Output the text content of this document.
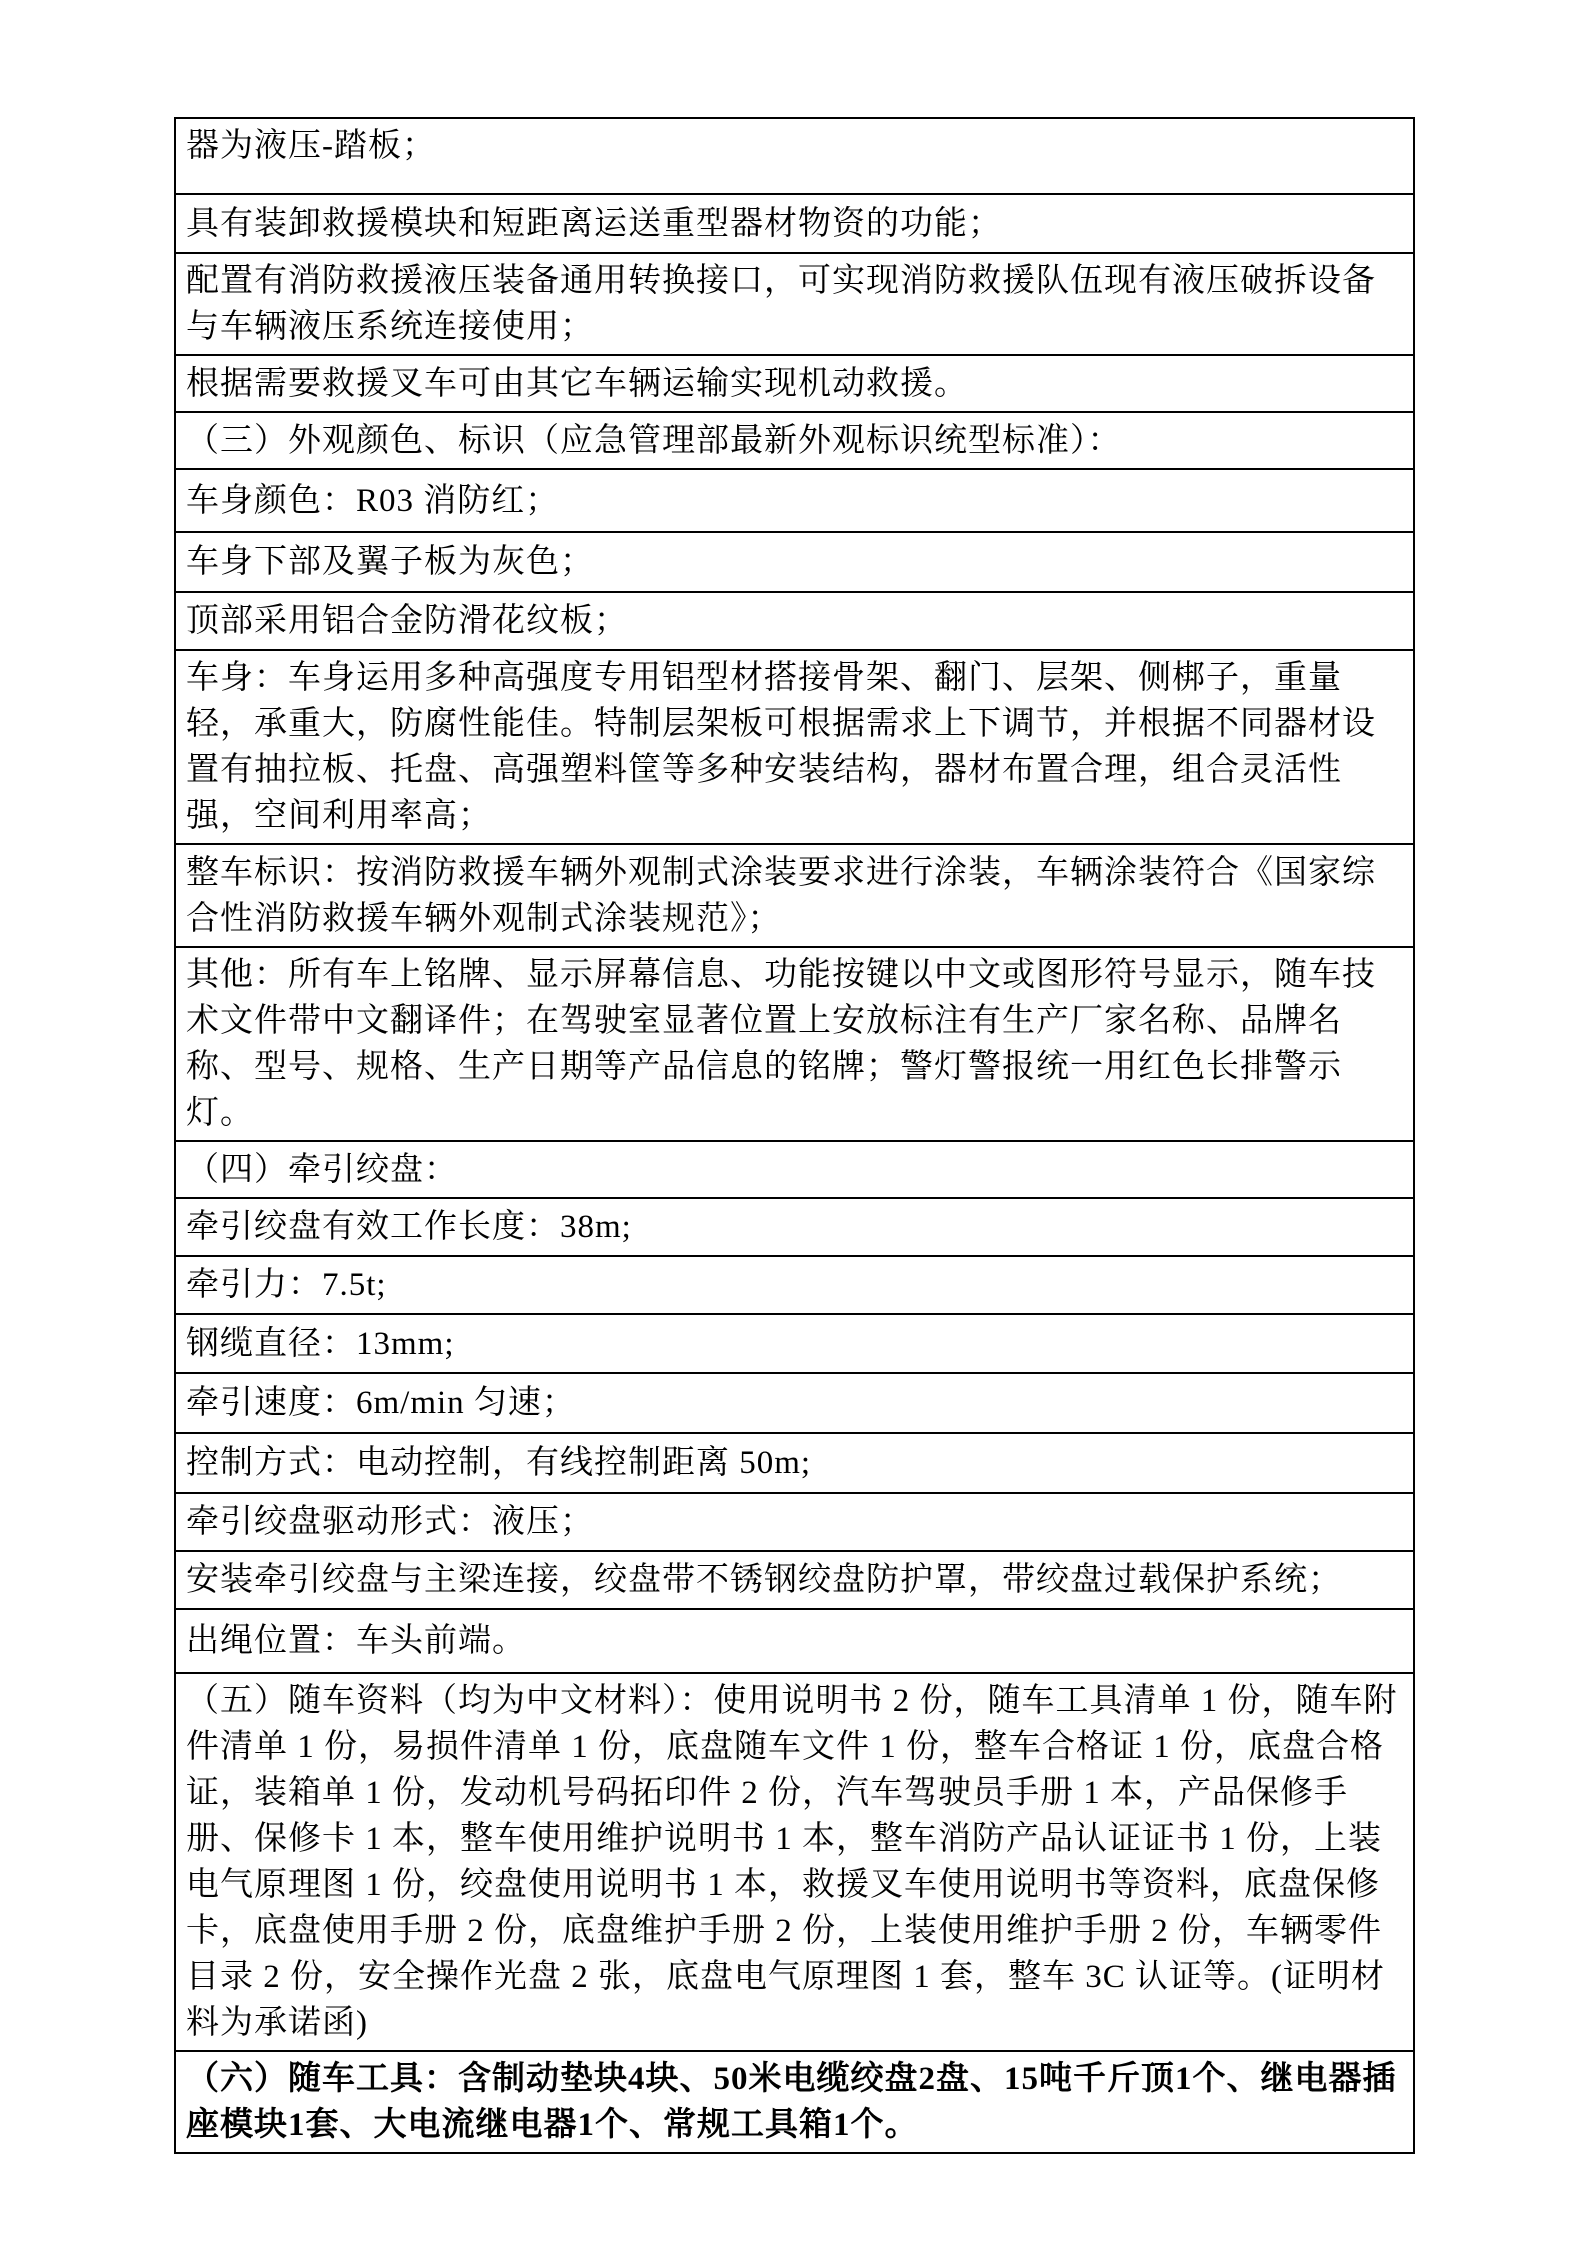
器为液压-踏板；
具有装卸救援模块和短距离运送重型器材物资的功能；
配置有消防救援液压装备通用转换接口，可实现消防救援队伍现有液压破拆设备与车辆液压系统连接使用；
根据需要救援叉车可由其它车辆运输实现机动救援。
（三）外观颜色、标识（应急管理部最新外观标识统型标准）：
车身颜色：R03 消防红；
车身下部及翼子板为灰色；
顶部采用铝合金防滑花纹板；
车身：车身运用多种高强度专用铝型材搭接骨架、翻门、层架、侧梆子，重量轻，承重大，防腐性能佳。特制层架板可根据需求上下调节，并根据不同器材设置有抽拉板、托盘、高强塑料筐等多种安装结构，器材布置合理，组合灵活性强，空间利用率高；
整车标识：按消防救援车辆外观制式涂装要求进行涂装，车辆涂装符合《国家综合性消防救援车辆外观制式涂装规范》；
其他：所有车上铭牌、显示屏幕信息、功能按键以中文或图形符号显示，随车技术文件带中文翻译件；在驾驶室显著位置上安放标注有生产厂家名称、品牌名称、型号、规格、生产日期等产品信息的铭牌；警灯警报统一用红色长排警示灯。
（四）牵引绞盘：
牵引绞盘有效工作长度：38m;
牵引力：7.5t;
钢缆直径：13mm;
牵引速度：6m/min 匀速；
控制方式：电动控制，有线控制距离 50m;
牵引绞盘驱动形式：液压；
安装牵引绞盘与主梁连接，绞盘带不锈钢绞盘防护罩，带绞盘过载保护系统；
出绳位置：车头前端。
（五）随车资料（均为中文材料）：使用说明书 2 份，随车工具清单 1 份，随车附件清单 1 份，易损件清单 1 份，底盘随车文件 1 份，整车合格证 1 份，底盘合格证，装箱单 1 份，发动机号码拓印件 2 份，汽车驾驶员手册 1 本，产品保修手册、保修卡 1 本，整车使用维护说明书 1 本，整车消防产品认证证书 1 份，上装电气原理图 1 份，绞盘使用说明书 1 本，救援叉车使用说明书等资料，底盘保修卡，底盘使用手册 2 份，底盘维护手册 2 份，上装使用维护手册 2 份，车辆零件目录 2 份，安全操作光盘 2 张，底盘电气原理图 1 套，整车 3C 认证等。(证明材料为承诺函)
（六）随车工具：含制动垫块4块、50米电缆绞盘2盘、15吨千斤顶1个、继电器插座模块1套、大电流继电器1个、常规工具箱1个。
